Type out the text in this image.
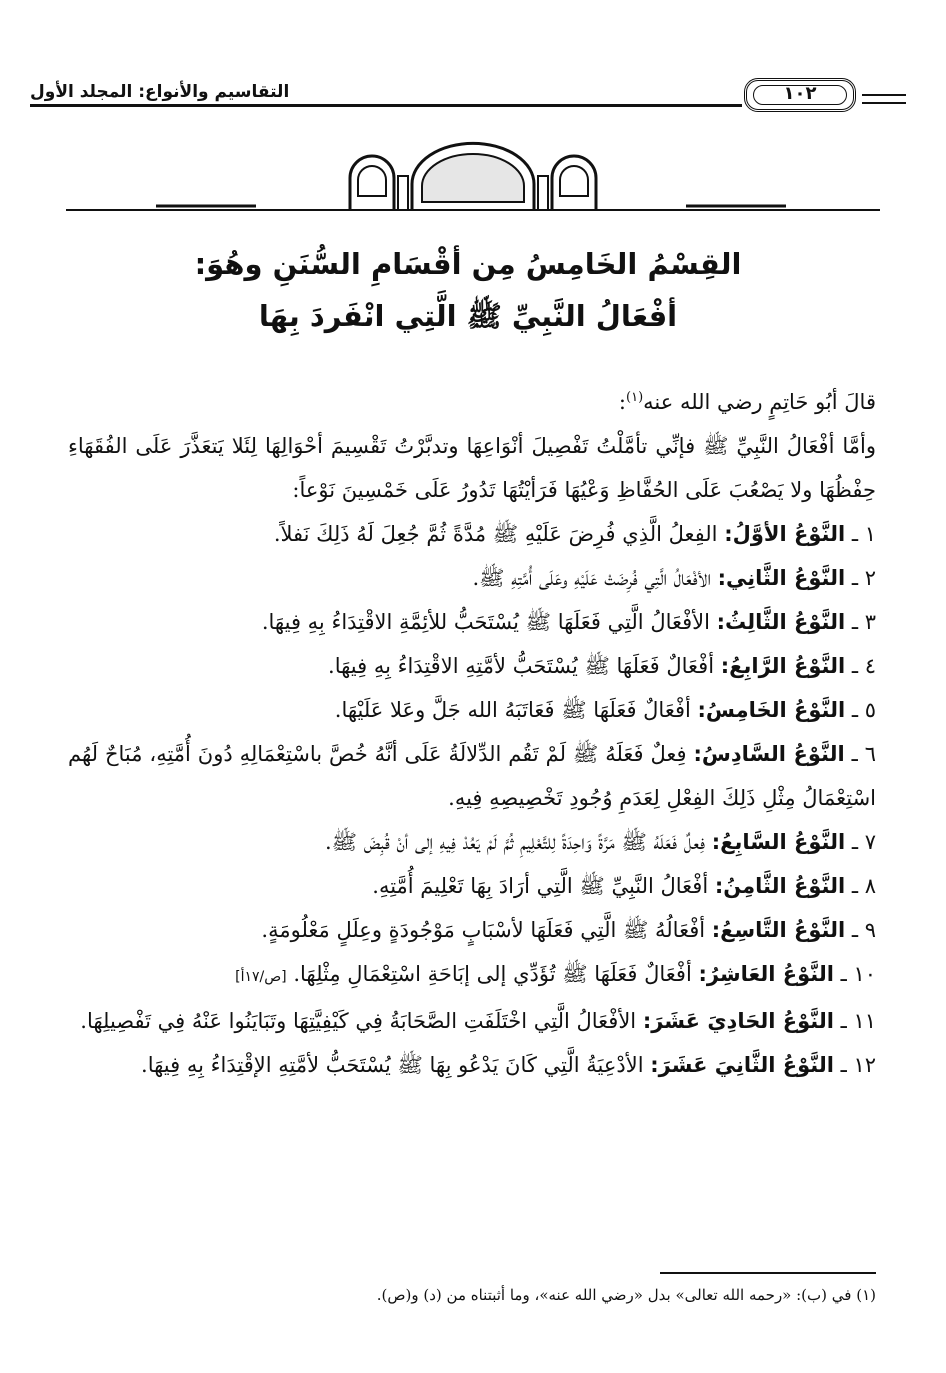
التقاسيم والأنواع: المجلد الأول	١٠٢
القِسْمُ الخَامِسُ مِن أقْسَامِ السُّنَنِ وهُوَ:
أفْعَالُ النَّبِيِّ ﷺ الَّتِي انْفَردَ بِهَا

قالَ أبُو حَاتِمٍ رضي الله عنه$^{(١)}$:

وأمَّا أفْعَالُ النَّبِيِّ ﷺ فإنِّي تأمَّلْتُ تَفْصِيلَ أنْوَاعِهَا وتدبَّرْتُ تَقْسِيمَ أحْوَالِهَا لِئَلا يَتعَذَّرَ عَلَى الفُقَهَاءِ حِفْظُهَا ولا يَصْعُبَ عَلَى الحُفَّاظِ وَعْيُهَا فَرَأيْتُهَا تَدُورُ عَلَى خَمْسِينَ نَوْعاً:

١ ـ النَّوْعُ الأوَّلُ: الفِعلُ الَّذِي فُرِضَ عَلَيْهِ ﷺ مُدَّةً ثُمَّ جُعِلَ لَهُ ذَلِكَ نَفلاً.

٢ ـ النَّوْعُ الثَّانِي: الأفْعَالُ الَّتِي فُرِضَتْ عَلَيْهِ وعَلَى أُمَّتِهِ ﷺ.

٣ ـ النَّوْعُ الثَّالِثُ: الأفْعَالُ الَّتِي فَعَلَهَا ﷺ يُسْتَحَبُّ للأئِمَّةِ الاقْتِدَاءُ بِهِ فِيهَا.

٤ ـ النَّوْعُ الرَّابِعُ: أفْعَالٌ فَعَلَهَا ﷺ يُسْتَحَبُّ لأمَّتِهِ الاقْتِدَاءُ بِهِ فِيهَا.

٥ ـ النَّوْعُ الخَامِسُ: أفْعَالٌ فَعَلَهَا ﷺ فَعَاتَبَهُ الله جَلَّ وعَلا عَلَيْهَا.

٦ ـ النَّوْعُ السَّادِسُ: فِعلٌ فَعَلَهُ ﷺ لَمْ تَقُم الدِّلالَةُ عَلَى أنَّهُ خُصَّ باسْتِعْمَالِهِ دُونَ أُمَّتِهِ، مُبَاحٌ لَهُم اسْتِعْمَالُ مِثْلِ ذَلِكَ الفِعْلِ لِعَدَمِ وُجُودِ تَخْصِيصِهِ فِيهِ.

٧ ـ النَّوْعُ السَّابِعُ: فِعلٌ فَعَلَهُ ﷺ مَرَّةً وَاحِدَةً لِلتَّعْلِيمِ ثُمَّ لَمْ يَعُدْ فِيهِ إلى أنْ قُبِضَ ﷺ.

٨ ـ النَّوْعُ الثَّامِنُ: أفْعَالُ النَّبِيِّ ﷺ الَّتِي أرَادَ بِهَا تَعْلِيمَ أُمَّتِهِ.

٩ ـ النَّوْعُ التَّاسِعُ: أفْعَالُهُ ﷺ الَّتِي فَعَلَهَا لأسْبَابٍ مَوْجُودَةٍ وعِلَلٍ مَعْلُومَةٍ.

١٠ ـ النَّوْعُ العَاشِرُ: أفْعَالٌ فَعَلَهَا ﷺ تُؤَدِّي إلى إبَاحَةِ اسْتِعْمَالِ مِثْلِهَا. [ص/١٧أ]

١١ ـ النَّوْعُ الحَادِيَ عَشَرَ: الأفْعَالُ الَّتِي اخْتَلَفَتِ الصَّحَابَةُ فِي كَيْفِيَّتِهَا وتَبَايَنُوا عَنْهُ فِي تَفْصِيلِهَا.

١٢ ـ النَّوْعُ الثَّانِيَ عَشَرَ: الأدْعِيَةُ الَّتِي كَانَ يَدْعُو بِهَا ﷺ يُسْتَحَبُّ لأمَّتِهِ الإقْتِدَاءُ بِهِ فِيهَا.

(١) في (ب): «رحمه الله تعالى» بدل «رضي الله عنه»، وما أثبتناه من (د) و(ص).
